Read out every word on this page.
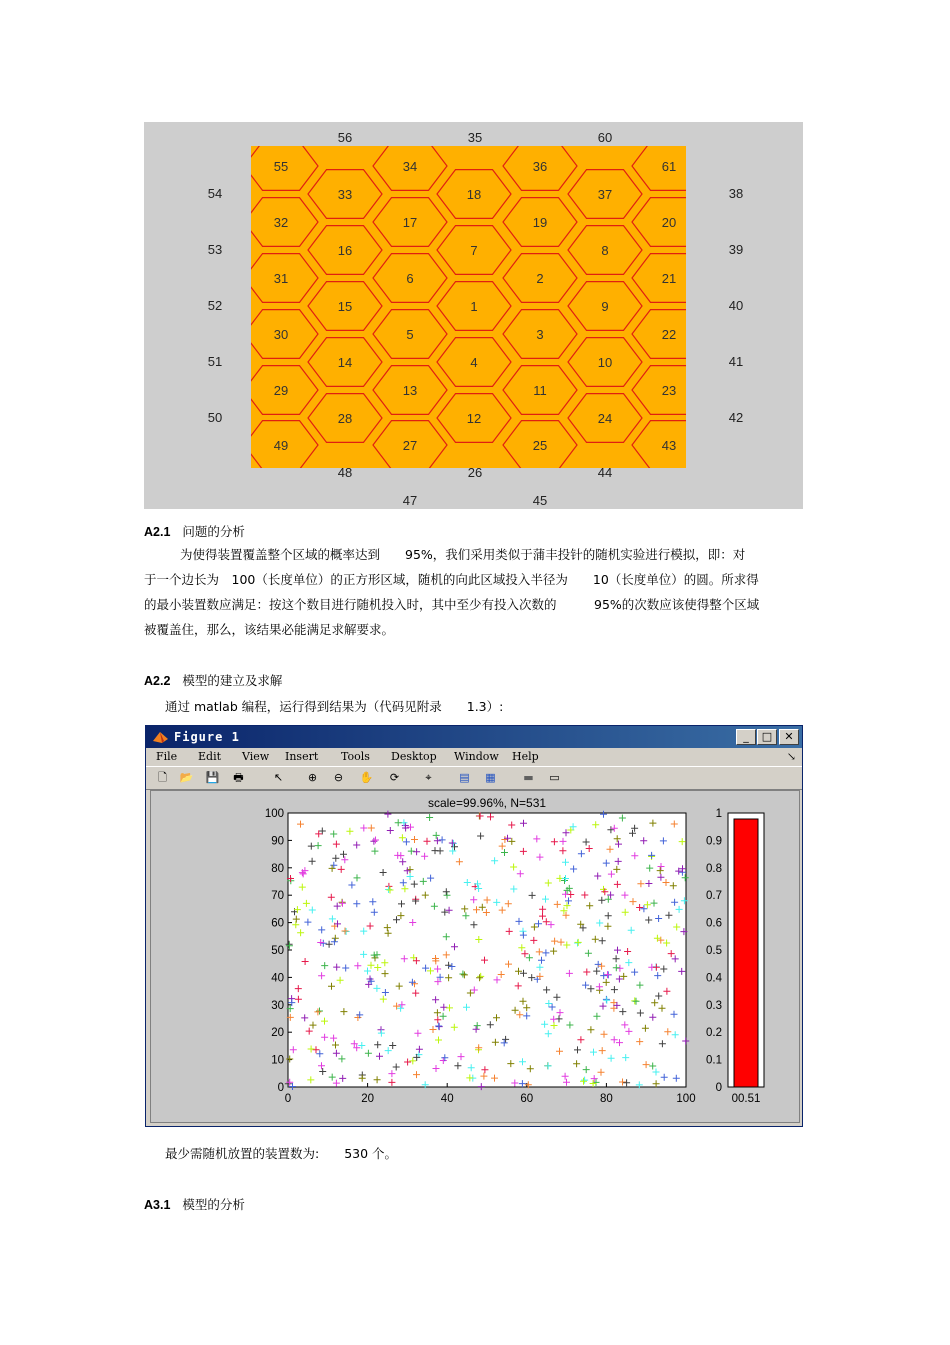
55	34	36	61
33	18	37
32	17	19	20
16	7	8
31	6	2	21
15	1	9
30	5	3	22
14	4	10
29	13	11	23
28	12	24
49	27	25	43
56	35	60
54
53
52
51
50
38
39
40
41
42
48	26	44
47	45
A2.1 问题的分析
为使得装置覆盖整个区域的概率达到　　95%，我们采用类似于蒲丰投针的随机实验进行模拟，即：对
于一个边长为　100（长度单位）的正方形区域，随机的向此区域投入半径为　　10（长度单位）的圆。所求得
的最小装置数应满足：按这个数目进行随机投入时，其中至少有投入次数的　　　95%的次数应该使得整个区域
被覆盖住，那么，该结果必能满足求解要求。
A2.2 模型的建立及求解
通过 matlab 编程，运行得到结果为（代码见附录　　1.3）:
Figure 1	_	□	✕
File Edit View Insert Tools Desktop Window Help	↘
🗋	📂 💾 🖶	↖	⊕	⊖	✋	⟳	⌖	▤ ▦	▬ ▭
scale=99.96%, N=531
0	20	40	60	80	100
0
10
20
30
40
50
60
70
80
90
100
0
0.1
0.2
0.3
0.4
0.5
0.6
0.7
0.8
0.9
1
00.51
最少需随机放置的装置数为:　　530 个。
A3.1 模型的分析
